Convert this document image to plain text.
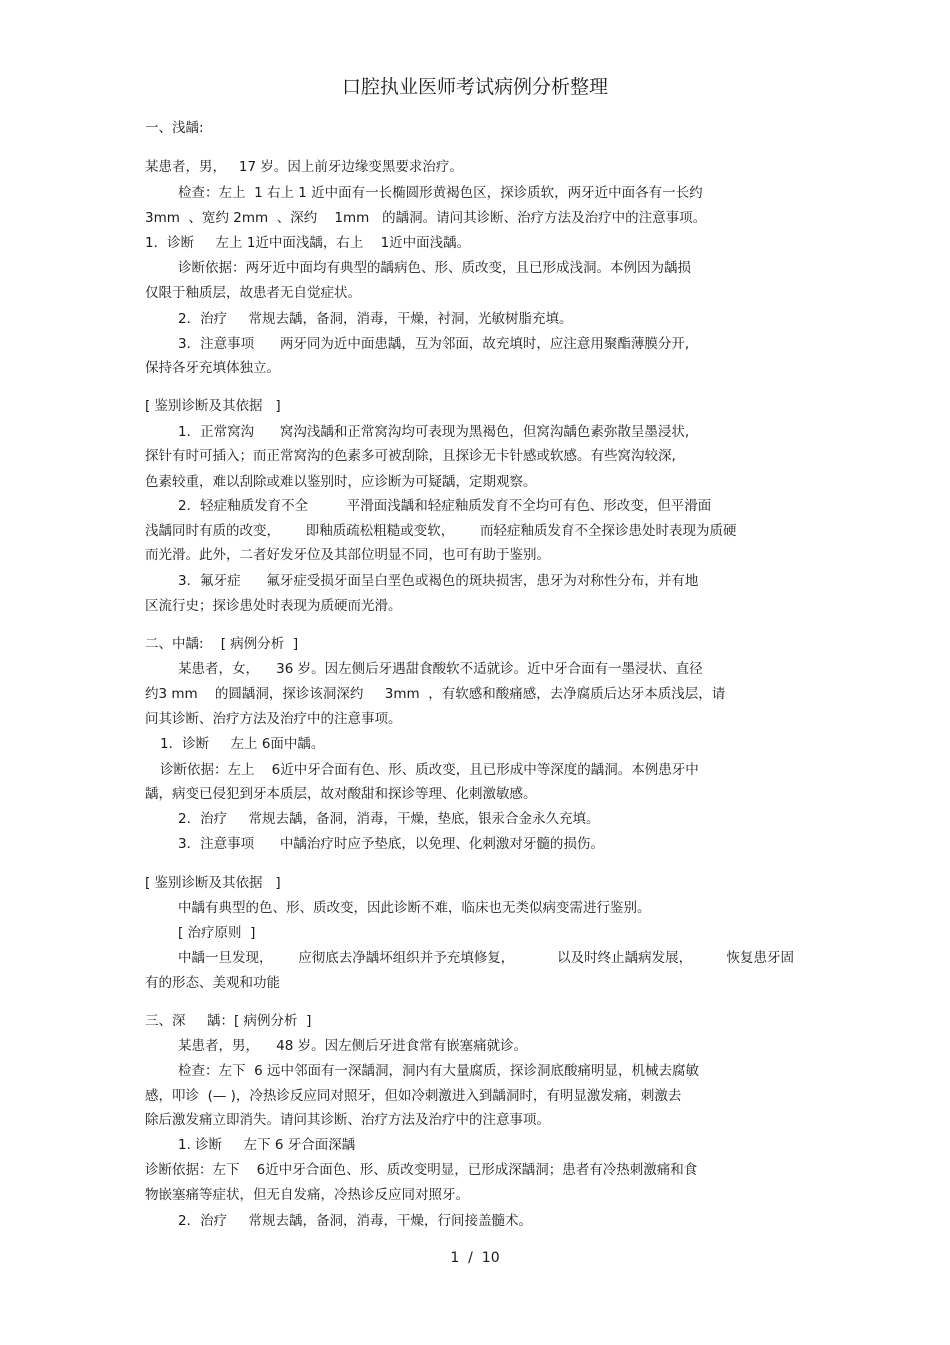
口腔执业医师考试病例分析整理
一、浅龋:
某患者，男，   17 岁。因上前牙边缘变黑要求治疗。
检查：左上  1 右上 1 近中面有一长椭圆形黄褐色区，探诊质软，两牙近中面各有一长约
3mm  、宽约 2mm  、深约    1mm   的龋洞。请问其诊断、治疗方法及治疗中的注意事项。
1．诊断     左上 1近中面浅龋，右上    1近中面浅龋。
诊断依据：两牙近中面均有典型的龋病色、形、质改变，且已形成浅洞。本例因为龋损
仅限于釉质层，故患者无自觉症状。
2．治疗     常规去龋，备洞，消毒，干燥，衬洞，光敏树脂充填。
3．注意事项      两牙同为近中面患龋，互为邻面，故充填时，应注意用聚酯薄膜分开,
保持各牙充填体独立。
[ 鉴别诊断及其依据   ]
1．正常窝沟      窝沟浅龋和正常窝沟均可表现为黑褐色，但窝沟龋色素弥散呈墨浸状,
探针有时可插入；而正常窝沟的色素多可被刮除，且探诊无卡针感或软感。有些窝沟较深,
色素较重，难以刮除或难以鉴别时，应诊断为可疑龋，定期观察。
2．轻症釉质发育不全         平滑面浅龋和轻症釉质发育不全均可有色、形改变，但平滑面
浅龋同时有质的改变，      即釉质疏松粗糙或变软，      而轻症釉质发育不全探诊患处时表现为质硬
而光滑。此外，二者好发牙位及其部位明显不同，也可有助于鉴别。
3．氟牙症      氟牙症受损牙面呈白垩色或褐色的斑块损害，患牙为对称性分布，并有地
区流行史；探诊患处时表现为质硬而光滑。
二、中龋:    [ 病例分析  ]
某患者，女，    36 岁。因左侧后牙遇甜食酸软不适就诊。近中牙合面有一墨浸状、直径
约3 mm    的圆龋洞，探诊该洞深约     3mm  ，有软感和酸痛感，去净腐质后达牙本质浅层，请
问其诊断、治疗方法及治疗中的注意事项。
1．诊断     左上 6面中龋。
诊断依据：左上    6近中牙合面有色、形、质改变，且已形成中等深度的龋洞。本例患牙中
龋，病变已侵犯到牙本质层，故对酸甜和探诊等理、化刺激敏感。
2．治疗     常规去龋，备洞，消毒，干燥，垫底，银汞合金永久充填。
3．注意事项      中龋治疗时应予垫底，以免理、化刺激对牙髓的损伤。
[ 鉴别诊断及其依据   ]
中龋有典型的色、形、质改变，因此诊断不难，临床也无类似病变需进行鉴别。
[ 治疗原则  ]
中龋一旦发现，      应彻底去净龋坏组织并予充填修复，          以及时终止龋病发展，        恢复患牙固
有的形态、美观和功能
三、深     龋：[ 病例分析  ]
某患者，男，    48 岁。因左侧后牙进食常有嵌塞痛就诊。
检查：左下  6 远中邻面有一深龋洞，洞内有大量腐质，探诊洞底酸痛明显，机械去腐敏
感，叩诊  (— )，冷热诊反应同对照牙，但如冷刺激进入到龋洞时，有明显激发痛，刺激去
除后激发痛立即消失。请问其诊断、治疗方法及治疗中的注意事项。
1. 诊断     左下 6 牙合面深龋
诊断依据：左下    6近中牙合面色、形、质改变明显，已形成深龋洞；患者有冷热刺激痛和食
物嵌塞痛等症状，但无自发痛，冷热诊反应同对照牙。
2．治疗     常规去龋，备洞，消毒，干燥，行间接盖髓术。
1  /  10
